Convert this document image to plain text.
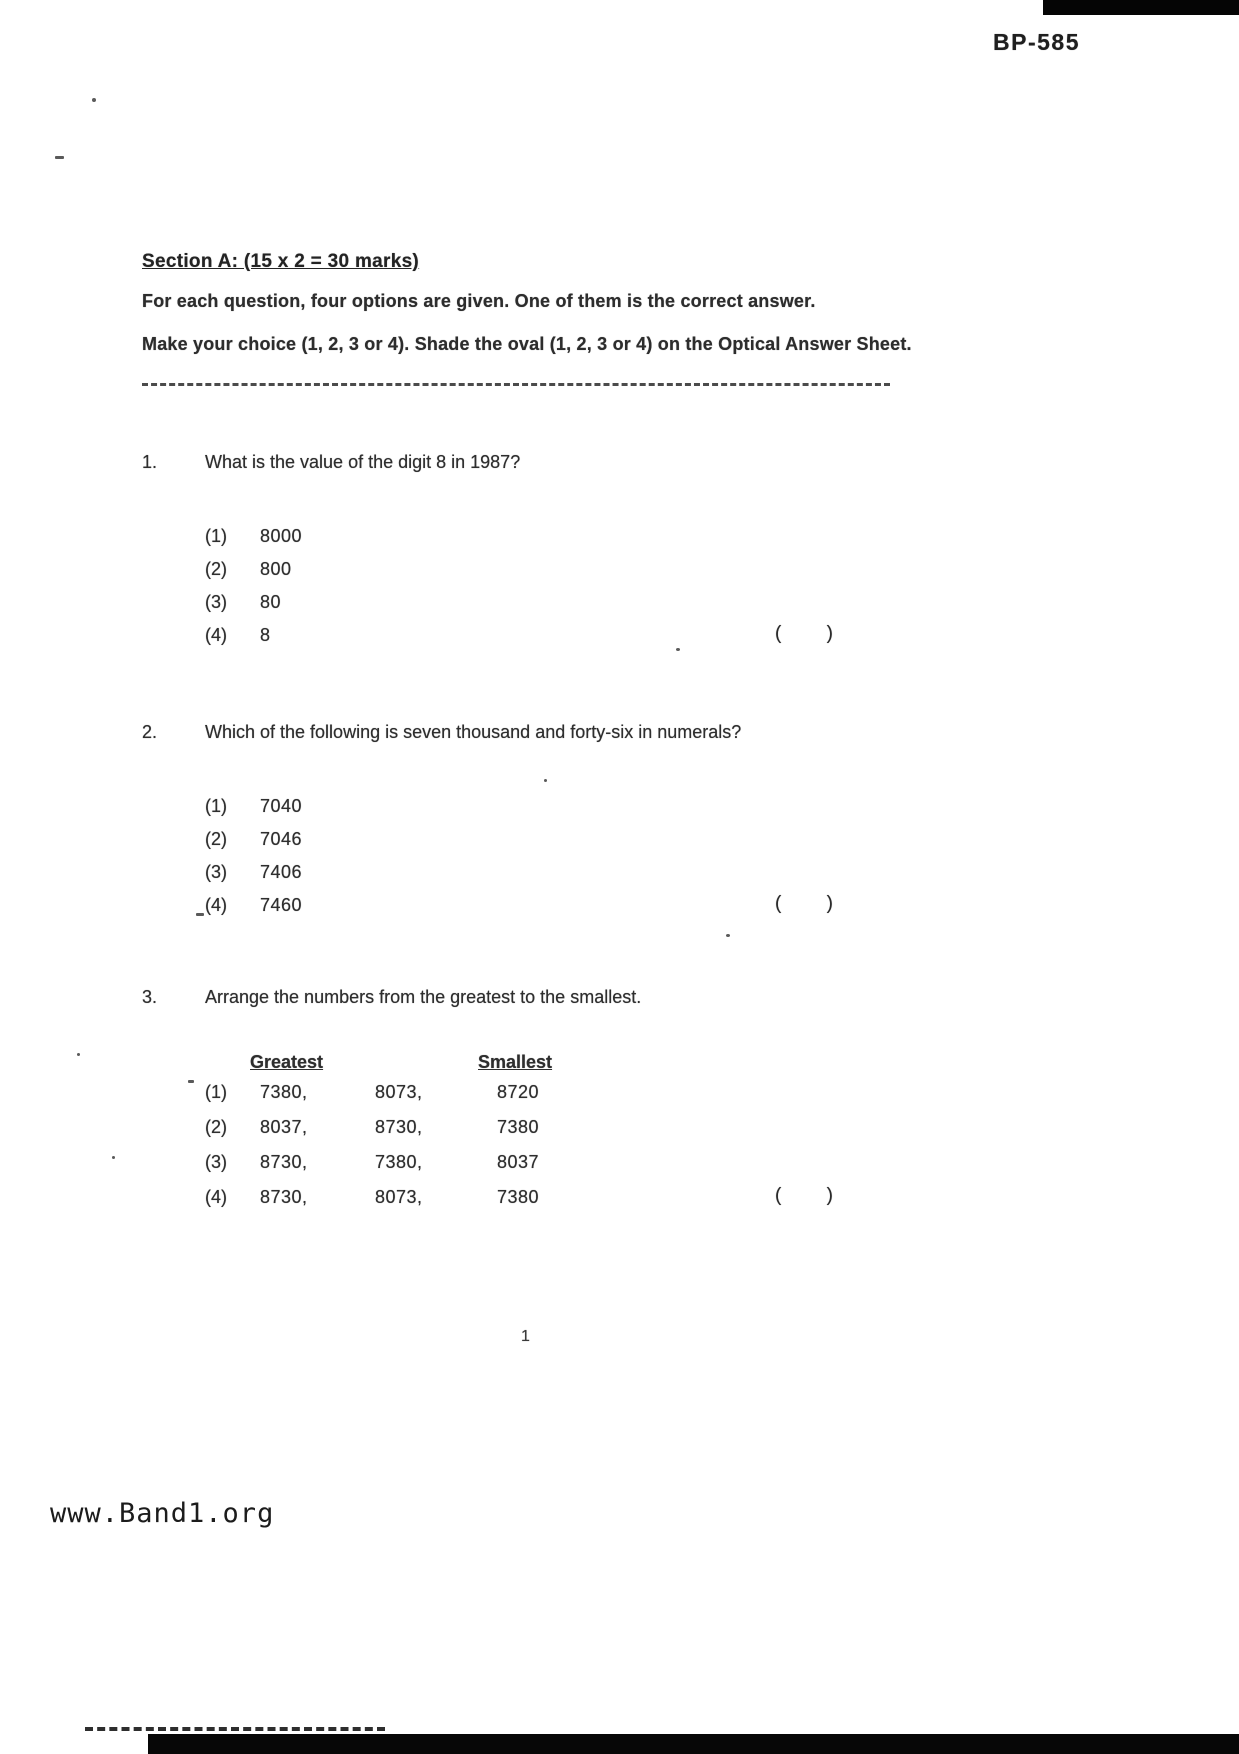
BP-585
Section A: (15 x 2 = 30 marks)
For each question, four options are given. One of them is the correct answer.
Make your choice (1, 2, 3 or 4). Shade the oval (1, 2, 3 or 4) on the Optical Answer Sheet.
1.	What is the value of the digit 8 in 1987?
(1) 8000
(2) 800
(3) 80
(4) 8	( )
2.	Which of the following is seven thousand and forty-six in numerals?
(1) 7040
(2) 7046
(3) 7406
(4) 7460	( )
3.	Arrange the numbers from the greatest to the smallest.
Greatest	Smallest
(1) 7380,	8073,	8720
(2) 8037,	8730,	7380
(3) 8730,	7380,	8037
(4) 8730,	8073,	7380	( )
1
www.Band1.org
